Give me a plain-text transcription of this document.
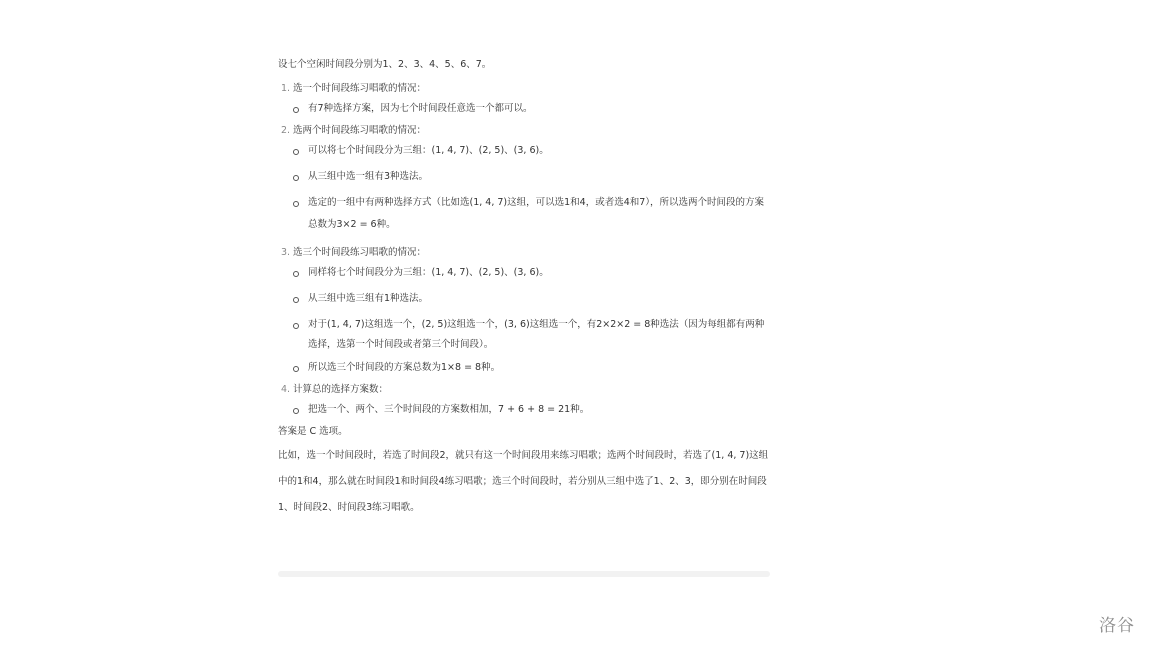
设七个空闲时间段分别为1、2、3、4、5、6、7。

1. 选一个时间段练习唱歌的情况：
有7种选择方案，因为七个时间段任意选一个都可以。
2. 选两个时间段练习唱歌的情况：
可以将七个时间段分为三组：(1, 4, 7)、(2, 5)、(3, 6)。
从三组中选一组有3种选法。
选定的一组中有两种选择方式（比如选(1, 4, 7)这组，可以选1和4，或者选4和7），所以选两个时间段的方案总数为3×2 = 6种。
3. 选三个时间段练习唱歌的情况：
同样将七个时间段分为三组：(1, 4, 7)、(2, 5)、(3, 6)。
从三组中选三组有1种选法。
对于(1, 4, 7)这组选一个，(2, 5)这组选一个，(3, 6)这组选一个，有2×2×2 = 8种选法（因为每组都有两种选择，选第一个时间段或者第三个时间段）。
所以选三个时间段的方案总数为1×8 = 8种。
4. 计算总的选择方案数：
把选一个、两个、三个时间段的方案数相加，7 + 6 + 8 = 21种。

答案是 C 选项。

比如，选一个时间段时，若选了时间段2，就只有这一个时间段用来练习唱歌；选两个时间段时，若选了(1, 4, 7)这组中的1和4，那么就在时间段1和时间段4练习唱歌；选三个时间段时，若分别从三组中选了1、2、3，即分别在时间段1、时间段2、时间段3练习唱歌。

洛谷
